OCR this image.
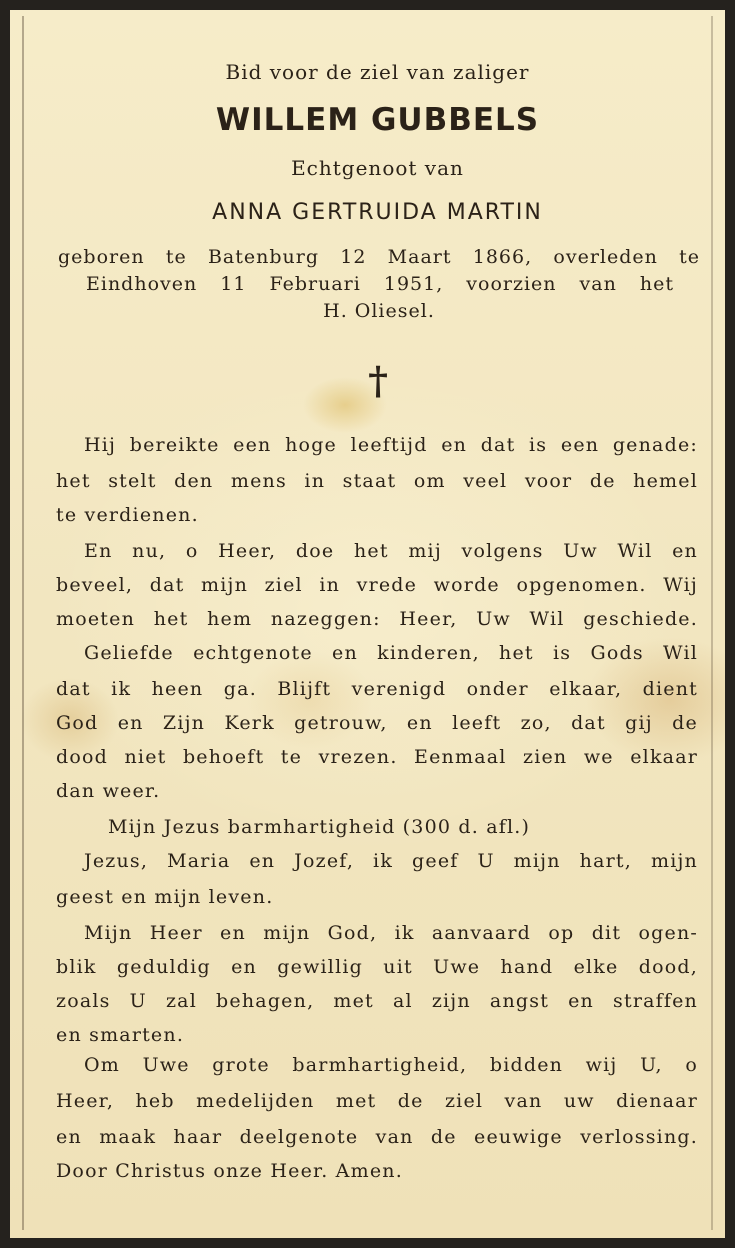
Bid voor de ziel van zaliger
WILLEM GUBBELS
Echtgenoot van
ANNA GERTRUIDA MARTIN
geboren te Batenburg 12 Maart 1866, overleden te
Eindhoven 11 Februari 1951, voorzien van het
H. Oliesel.
†
Hij bereikte een hoge leeftijd en dat is een genade:
het stelt den mens in staat om veel voor de hemel
te verdienen.
En nu, o Heer, doe het mij volgens Uw Wil en
beveel, dat mijn ziel in vrede worde opgenomen. Wij
moeten het hem nazeggen: Heer, Uw Wil geschiede.
Geliefde echtgenote en kinderen, het is Gods Wil
dat ik heen ga. Blijft verenigd onder elkaar, dient
God en Zijn Kerk getrouw, en leeft zo, dat gij de
dood niet behoeft te vrezen. Eenmaal zien we elkaar
dan weer.
Mijn Jezus barmhartigheid (300 d. afl.)
Jezus, Maria en Jozef, ik geef U mijn hart, mijn
geest en mijn leven.
Mijn Heer en mijn God, ik aanvaard op dit ogen-
blik geduldig en gewillig uit Uwe hand elke dood,
zoals U zal behagen, met al zijn angst en straffen
en smarten.
Om Uwe grote barmhartigheid, bidden wij U, o
Heer, heb medelijden met de ziel van uw dienaar
en maak haar deelgenote van de eeuwige verlossing.
Door Christus onze Heer. Amen.
